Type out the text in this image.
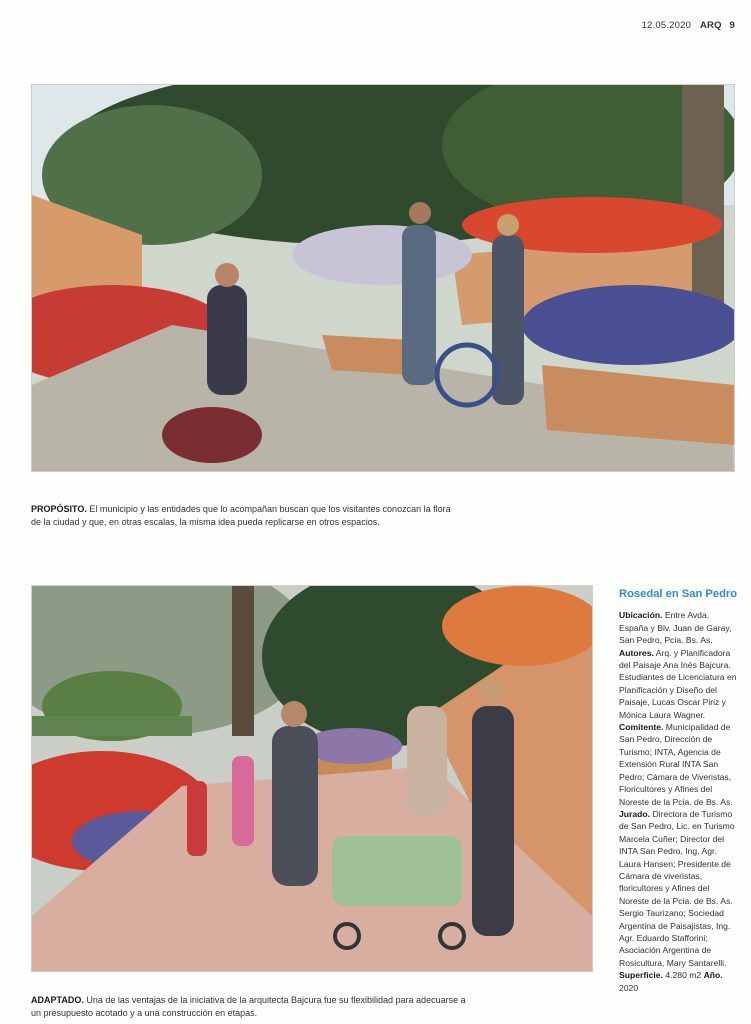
12.05.2020 ARQ 9
PROPÓSITO. El municipio y las entidades que lo acompañan buscan que los visitantes conozcan la flora de la ciudad y que, en otras escalas, la misma idea pueda replicarse en otros espacios.
ADAPTADO. Una de las ventajas de la iniciativa de la arquitecta Bajcura fue su flexibilidad para adecuarse a un presupuesto acotado y a una construcción en etapas.
Rosedal en San Pedro

Ubicación. Entre Avda. España y Blv. Juan de Garay, San Pedro, Pcia. Bs. As. Autores. Arq. y Planificadora del Paisaje Ana Inés Bajcura. Estudiantes de Licenciatura en Planificación y Diseño del Paisaje, Lucas Oscar Piriz y Mónica Laura Wagner. Comitente. Municipalidad de San Pedro, Dirección de Turismo; INTA, Agencia de Extensión Rural INTA San Pedro; Cámara de Viveristas, Floricultores y Afines del Noreste de la Pcia. de Bs. As. Jurado. Directora de Turismo de San Pedro, Lic. en Turismo Marcela Cuñer; Director del INTA San Pedro, Ing. Agr. Laura Hansen; Presidente de Cámara de viveristas, floricultores y Afines del Noreste de la Pcia. de Bs. As. Sergio Taurizano; Sociedad Argentina de Paisajistas, Ing. Agr. Eduardo Stafforini; Asociación Argentina de Rosicultura, Mary Santarelli. Superficie. 4.280 m2 Año. 2020
